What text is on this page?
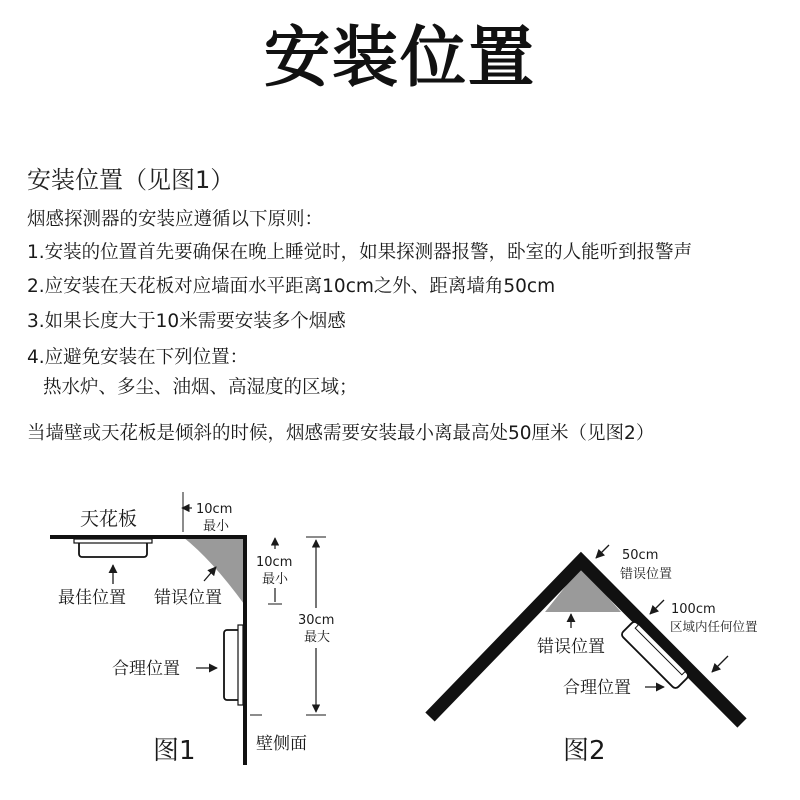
安装位置
安装位置（见图1）
烟感探测器的安装应遵循以下原则：
1.安装的位置首先要确保在晚上睡觉时，如果探测器报警，卧室的人能听到报警声
2.应安装在天花板对应墙面水平距离10cm之外、距离墙角50cm
3.如果长度大于10米需要安装多个烟感
4.应避免安装在下列位置：
热水炉、多尘、油烟、高湿度的区域；
当墙壁或天花板是倾斜的时候，烟感需要安装最小离最高处50厘米（见图2）
天花板	10cm
最小
10cm
最小
30cm
最大
最佳位置 错误位置
合理位置
壁侧面
图1
50cm
错误位置
100cm
区域内任何位置
错误位置
合理位置
图2
